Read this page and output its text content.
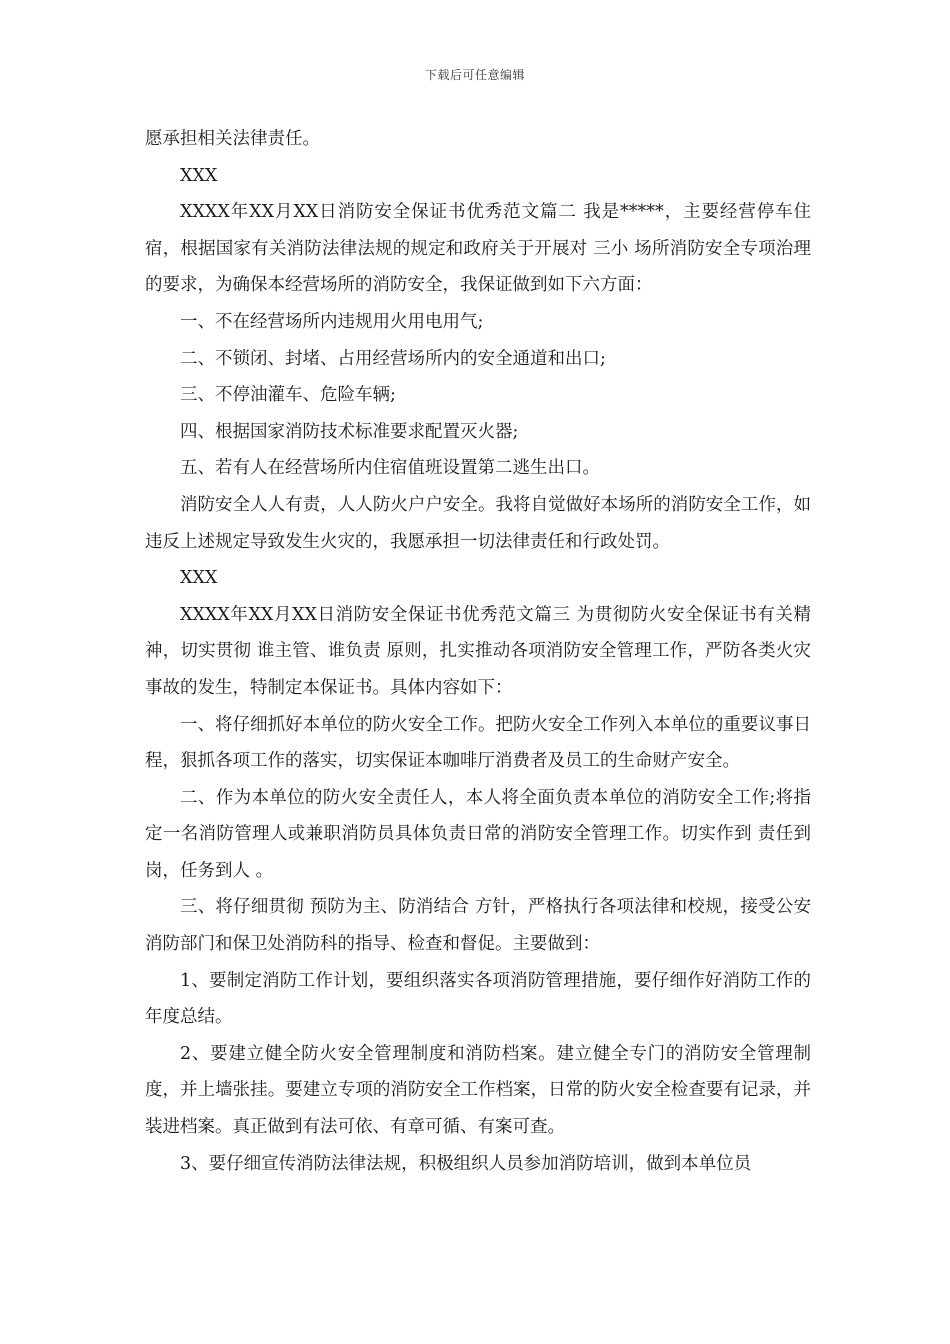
下载后可任意编辑

愿承担相关法律责任。

XXX

XXXX年XX月XX日消防安全保证书优秀范文篇二 我是*****，主要经营停车住宿，根据国家有关消防法律法规的规定和政府关于开展对 三小 场所消防安全专项治理的要求，为确保本经营场所的消防安全，我保证做到如下六方面：

一、不在经营场所内违规用火用电用气;

二、不锁闭、封堵、占用经营场所内的安全通道和出口;

三、不停油灌车、危险车辆;

四、根据国家消防技术标准要求配置灭火器;

五、若有人在经营场所内住宿值班设置第二逃生出口。

消防安全人人有责，人人防火户户安全。我将自觉做好本场所的消防安全工作，如违反上述规定导致发生火灾的，我愿承担一切法律责任和行政处罚。

XXX

XXXX年XX月XX日消防安全保证书优秀范文篇三 为贯彻防火安全保证书有关精神，切实贯彻 谁主管、谁负责 原则，扎实推动各项消防安全管理工作，严防各类火灾事故的发生，特制定本保证书。具体内容如下：

一、将仔细抓好本单位的防火安全工作。把防火安全工作列入本单位的重要议事日程，狠抓各项工作的落实，切实保证本咖啡厅消费者及员工的生命财产安全。

二、作为本单位的防火安全责任人，本人将全面负责本单位的消防安全工作;将指定一名消防管理人或兼职消防员具体负责日常的消防安全管理工作。切实作到 责任到岗，任务到人 。

三、将仔细贯彻 预防为主、防消结合 方针，严格执行各项法律和校规，接受公安消防部门和保卫处消防科的指导、检查和督促。主要做到：

1、要制定消防工作计划，要组织落实各项消防管理措施，要仔细作好消防工作的年度总结。

2、要建立健全防火安全管理制度和消防档案。建立健全专门的消防安全管理制度，并上墙张挂。要建立专项的消防安全工作档案，日常的防火安全检查要有记录，并装进档案。真正做到有法可依、有章可循、有案可查。

3、要仔细宣传消防法律法规，积极组织人员参加消防培训，做到本单位员
